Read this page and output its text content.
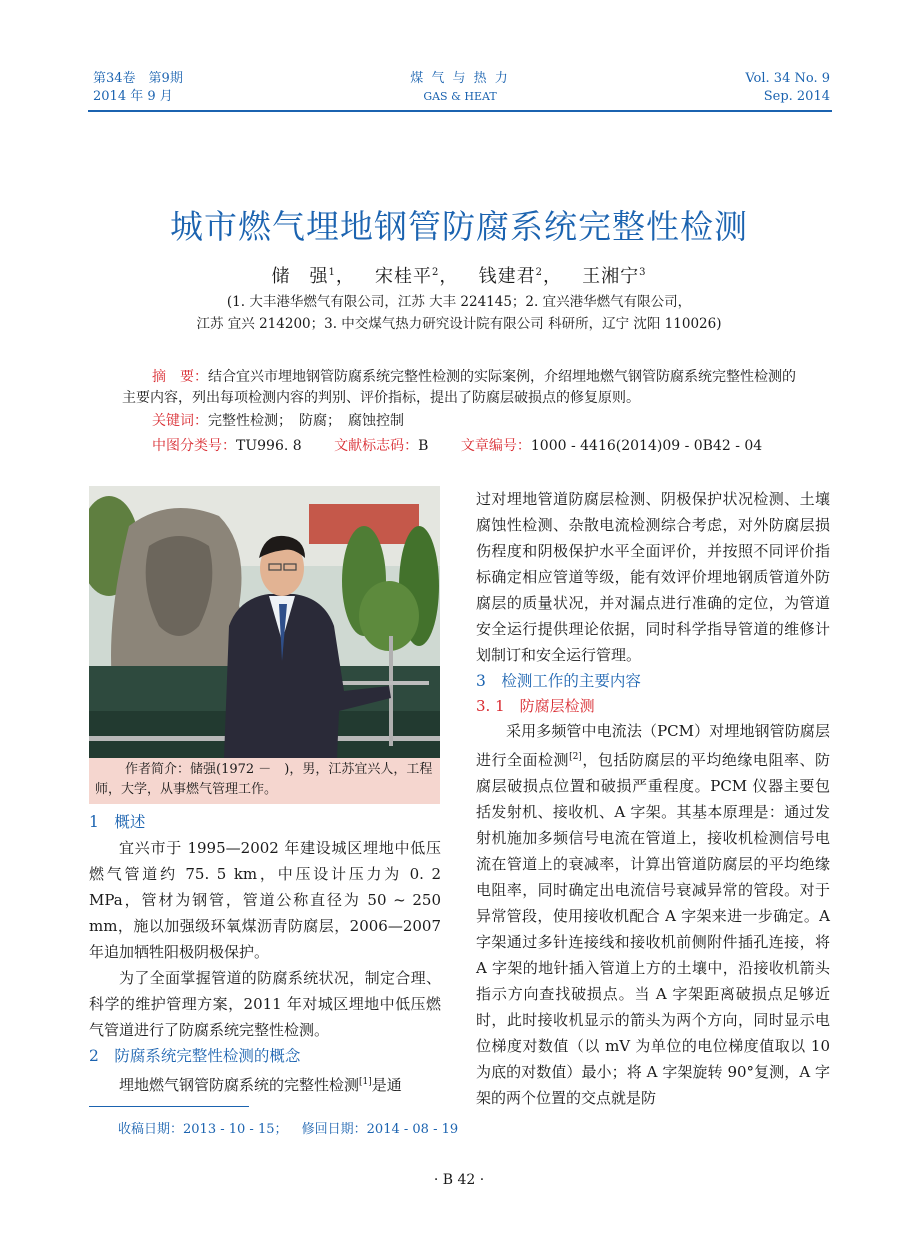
第34卷　第9期
2014 年 9 月
煤 气 与 热 力
GAS & HEAT
Vol. 34 No. 9
Sep. 2014
城市燃气埋地钢管防腐系统完整性检测
储　强$^1$，   宋桂平$^2$，   钱建君$^2$，   王湘宁$^3$
(1. 大丰港华燃气有限公司，江苏 大丰 224145；2. 宜兴港华燃气有限公司，
江苏 宜兴 214200；3. 中交煤气热力研究设计院有限公司 科研所，辽宁 沈阳 110026)
摘　要：结合宜兴市埋地钢管防腐系统完整性检测的实际案例，介绍埋地燃气钢管防腐系统完整性检测的主要内容，列出每项检测内容的判别、评价指标，提出了防腐层破损点的修复原则。
关键词：完整性检测；　防腐；　腐蚀控制
中图分类号：TU996. 8 文献标志码：B 文章编号：1000 - 4416(2014)09 - 0B42 - 04
作者简介：储强(1972 －　)，男，江苏宜兴人，工程师，大学，从事燃气管理工作。
1　概述

宜兴市于 1995—2002 年建设城区埋地中低压燃气管道约 75. 5 km，中压设计压力为 0. 2 MPa，管材为钢管，管道公称直径为 50 ~ 250 mm，施以加强级环氧煤沥青防腐层，2006—2007 年追加牺牲阳极阴极保护。

为了全面掌握管道的防腐系统状况，制定合理、科学的维护管理方案，2011 年对城区埋地中低压燃气管道进行了防腐系统完整性检测。

2　防腐系统完整性检测的概念

埋地燃气钢管防腐系统的完整性检测[1]是通

收稿日期：2013 - 10 - 15； 修回日期：2014 - 08 - 19

过对埋地管道防腐层检测、阴极保护状况检测、土壤腐蚀性检测、杂散电流检测综合考虑，对外防腐层损伤程度和阴极保护水平全面评价，并按照不同评价指标确定相应管道等级，能有效评价埋地钢质管道外防腐层的质量状况，并对漏点进行准确的定位，为管道安全运行提供理论依据，同时科学指导管道的维修计划制订和安全运行管理。

3　检测工作的主要内容
3. 1　防腐层检测

采用多频管中电流法（PCM）对埋地钢管防腐层进行全面检测[2]，包括防腐层的平均绝缘电阻率、防腐层破损点位置和破损严重程度。PCM 仪器主要包括发射机、接收机、A 字架。其基本原理是：通过发射机施加多频信号电流在管道上，接收机检测信号电流在管道上的衰减率，计算出管道防腐层的平均绝缘电阻率，同时确定出电流信号衰减异常的管段。对于异常管段，使用接收机配合 A 字架来进一步确定。A 字架通过多针连接线和接收机前侧附件插孔连接，将 A 字架的地针插入管道上方的土壤中，沿接收机箭头指示方向查找破损点。当 A 字架距离破损点足够近时，此时接收机显示的箭头为两个方向，同时显示电位梯度对数值（以 mV 为单位的电位梯度值取以 10 为底的对数值）最小；将 A 字架旋转 90°复测，A 字架的两个位置的交点就是防

· B 42 ·
